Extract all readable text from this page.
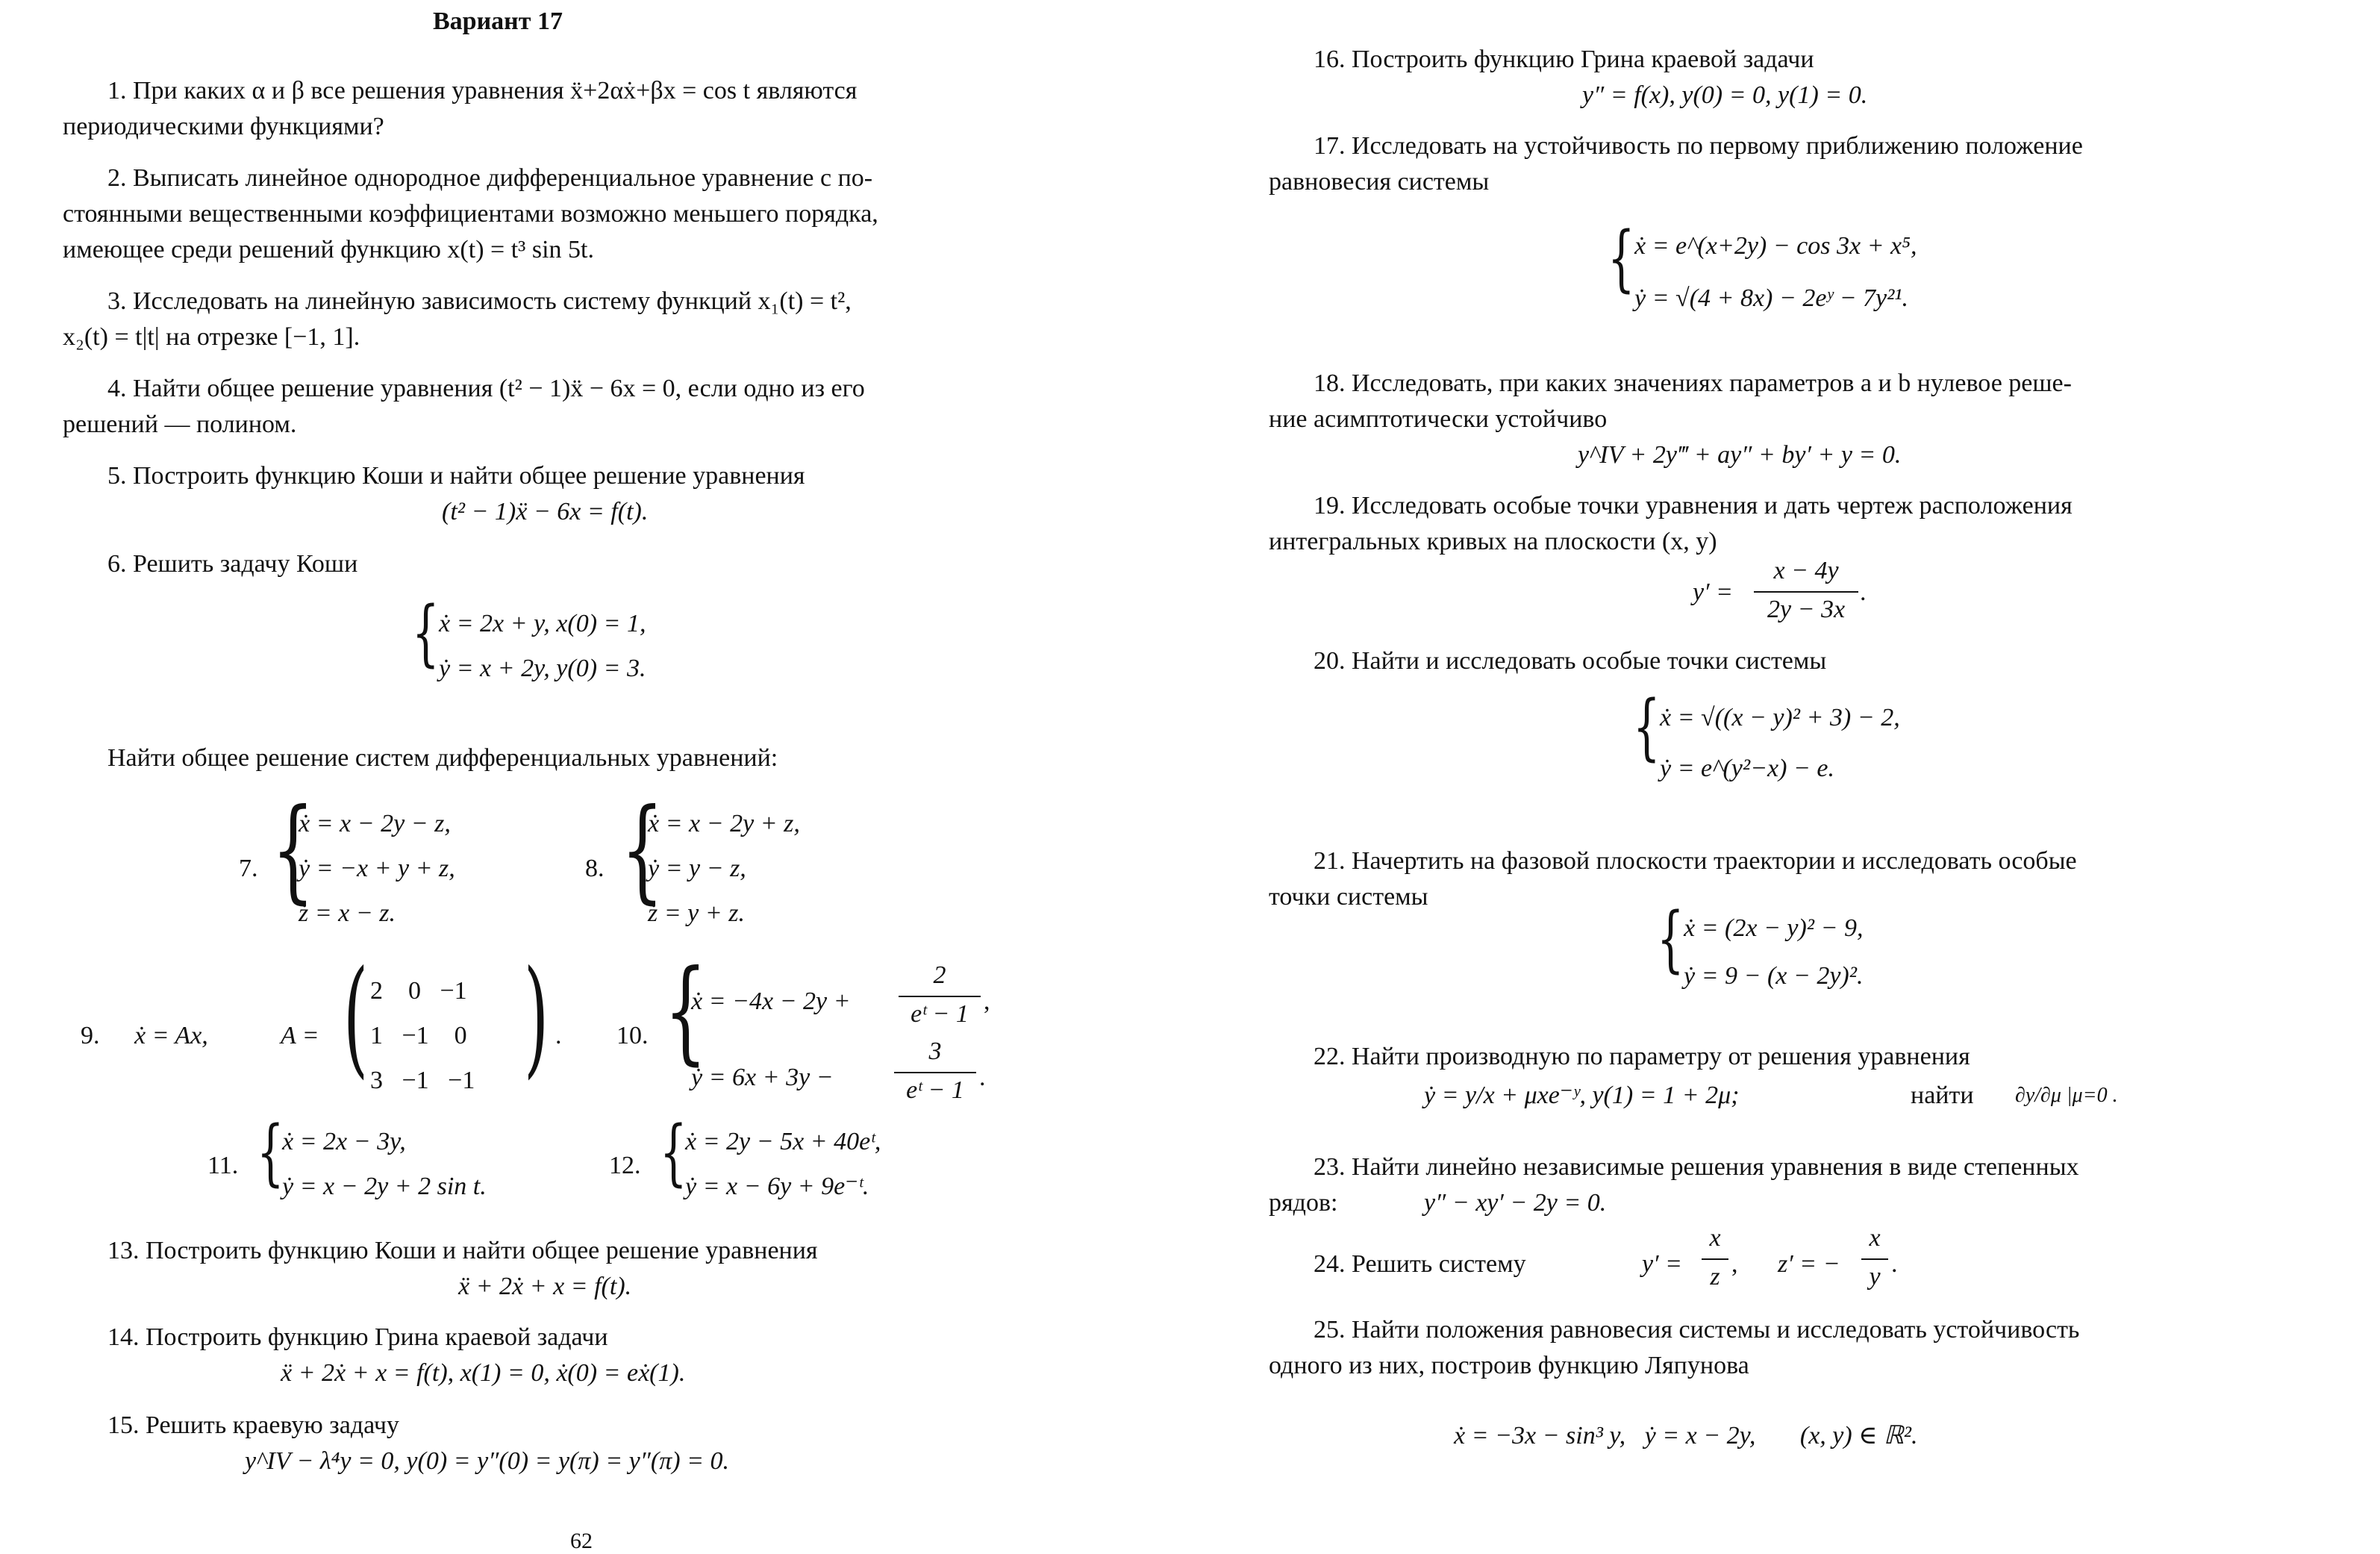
Вариант 17
1. При каких α и β все решения уравнения ẍ+2αẋ+βx = cos t являются
периодическими функциями?
2. Выписать линейное однородное дифференциальное уравнение с по-
стоянными вещественными коэффициентами возможно меньшего порядка,
имеющее среди решений функцию x(t) = t³ sin 5t.
3. Исследовать на линейную зависимость систему функций x₁(t) = t²,
x₂(t) = t|t| на отрезке [−1, 1].
4. Найти общее решение уравнения (t² − 1)ẍ − 6x = 0, если одно из его
решений — полином.
5. Построить функцию Коши и найти общее решение уравнения
(t² − 1)ẍ − 6x = f(t).
6. Решить задачу Коши
{ ẋ = 2x + y, x(0) = 1,
ẏ = x + 2y, y(0) = 3.
Найти общее решение систем дифференциальных уравнений:
7. {
ẋ = x − 2y − z,
ẏ = −x + y + z,
ż = x − z.
8. {
ẋ = x − 2y + z,
ẏ = y − z,
ż = y + z.
9. ẋ = Ax,	A = ( 2    0   −1
1   −1    0
3   −1   −1 ) . 10. {
ẋ = −4x − 2y +
2
eᵗ − 1 ,
ẏ = 6x + 3y −
3
eᵗ − 1 .
11. {
ẋ = 2x − 3y,
ẏ = x − 2y + 2 sin t.
12. {
ẋ = 2y − 5x + 40eᵗ,
ẏ = x − 6y + 9e⁻ᵗ.
13. Построить функцию Коши и найти общее решение уравнения
ẍ + 2ẋ + x = f(t).
14. Построить функцию Грина краевой задачи
ẍ + 2ẋ + x = f(t), x(1) = 0, ẋ(0) = eẋ(1).
15. Решить краевую задачу
y^IV − λ⁴y = 0, y(0) = y″(0) = y(π) = y″(π) = 0.
62
16. Построить функцию Грина краевой задачи
y″ = f(x), y(0) = 0, y(1) = 0.
17. Исследовать на устойчивость по первому приближению положение
равновесия системы
{ ẋ = e^(x+2y) − cos 3x + x⁵,
ẏ = √(4 + 8x) − 2eʸ − 7y²¹.
18. Исследовать, при каких значениях параметров a и b нулевое реше-
ние асимптотически устойчиво
y^IV + 2y‴ + ay″ + by′ + y = 0.
19. Исследовать особые точки уравнения и дать чертеж расположения
интегральных кривых на плоскости (x, y)
y′ =
x − 4y
2y − 3x
.
20. Найти и исследовать особые точки системы
{ ẋ = √((x − y)² + 3) − 2,
ẏ = e^(y²−x) − e.
21. Начертить на фазовой плоскости траектории и исследовать особые
точки системы
{ ẋ = (2x − y)² − 9,
ẏ = 9 − (x − 2y)².
22. Найти производную по параметру от решения уравнения
ẏ = y/x + μxe⁻ʸ, y(1) = 1 + 2μ;	найти ∂y/∂μ |μ=0 .
23. Найти линейно независимые решения уравнения в виде степенных
рядов:	y″ − xy′ − 2y = 0.
24. Решить систему	y′ =
x
z , z′ = −
x
y .
25. Найти положения равновесия системы и исследовать устойчивость
одного из них, построив функцию Ляпунова
ẋ = −3x − sin³ y,   ẏ = x − 2y,       (x, y) ∈ ℝ².
